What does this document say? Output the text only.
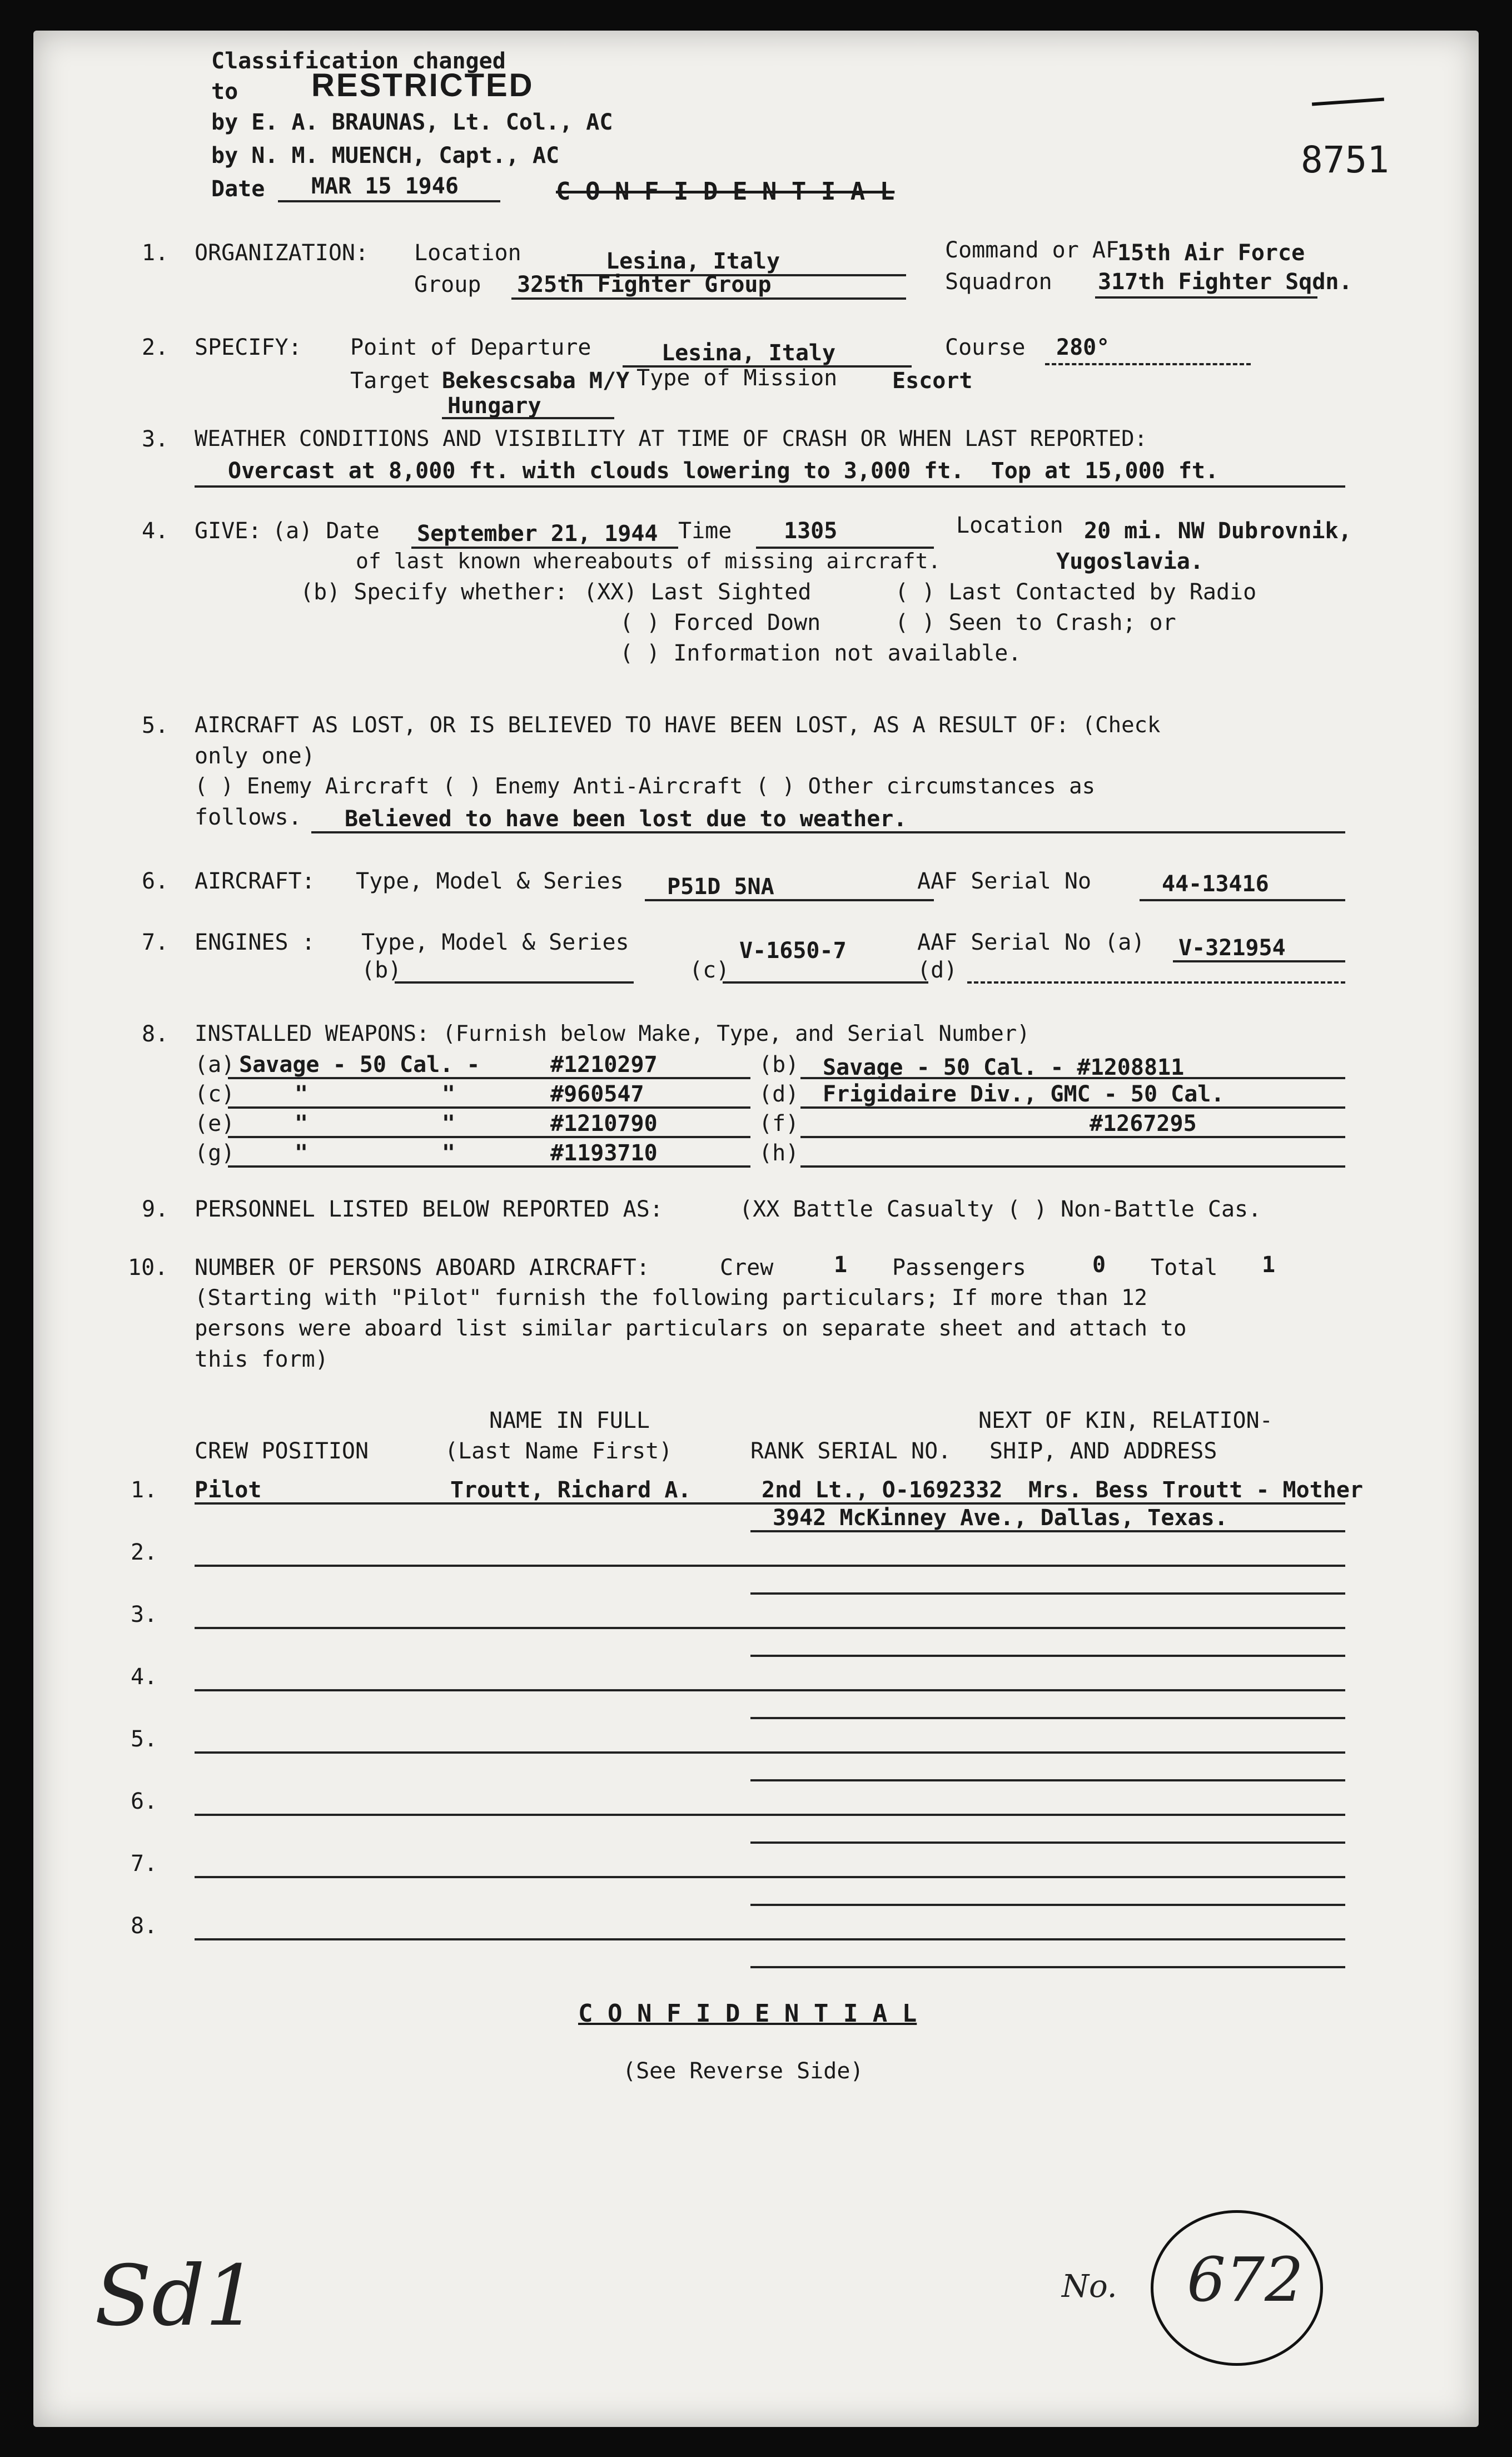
Classification changed
to RESTRICTED
by E. A. BRAUNAS, Lt. Col., AC
by N. M. MUENCH, Capt., AC
Date MAR 15 1946	C O N F I D E N T I A L
8751
1. ORGANIZATION: Location	Lesina, Italy	Command or AF
15th Air Force
Group 325th Fighter Group	Squadron 317th Fighter Sqdn.
2. SPECIFY: Point of Departure	Lesina, Italy	Course 280°
Target Bekescsaba M/Y Type of Mission Escort
Hungary
3. WEATHER CONDITIONS AND VISIBILITY AT TIME OF CRASH OR WHEN LAST REPORTED:
Overcast at 8,000 ft. with clouds lowering to 3,000 ft.  Top at 15,000 ft.
4. GIVE: (a) Date September 21, 1944 Time 1305	Location 20 mi. NW Dubrovnik,
of last known whereabouts of missing aircraft.	Yugoslavia.
(b) Specify whether: (XX) Last Sighted	( ) Last Contacted by Radio
( ) Forced Down	( ) Seen to Crash; or
( ) Information not available.
5. AIRCRAFT AS LOST, OR IS BELIEVED TO HAVE BEEN LOST, AS A RESULT OF: (Check
only one)
( ) Enemy Aircraft ( ) Enemy Anti-Aircraft ( ) Other circumstances as
follows. Believed to have been lost due to weather.
6. AIRCRAFT: Type, Model & Series P51D 5NA	AAF Serial No	44-13416
7. ENGINES : Type, Model & Series
(b)	(c)
V-1650-7	AAF Serial No (a) V-321954
(d)
8. INSTALLED WEAPONS: (Furnish below Make, Type, and Serial Number)
(a) Savage - 50 Cal. -	#1210297
(c)	"          "	#960547
(e)	"          "	#1210790
(g)	"          "	#1193710
(b) Savage - 50 Cal. - #1208811
(d) Frigidaire Div., GMC - 50 Cal.
(f)	#1267295
(h)
9. PERSONNEL LISTED BELOW REPORTED AS:	(XX Battle Casualty ( ) Non-Battle Cas.
10. NUMBER OF PERSONS ABOARD AIRCRAFT:	Crew	1 Passengers	0 Total 1
(Starting with "Pilot" furnish the following particulars; If more than 12
persons were aboard list similar particulars on separate sheet and attach to
this form)
NAME IN FULL	NEXT OF KIN, RELATION-
CREW POSITION	(Last Name First)	RANK SERIAL NO. SHIP, AND ADDRESS
1. Pilot	Troutt, Richard A.	2nd Lt., O-1692332 Mrs. Bess Troutt - Mother
3942 McKinney Ave., Dallas, Texas.
2.
3.
4.
5.
6.
7.
8.
C O N F I D E N T I A L
(See Reverse Side)
Sd1	No. 672
